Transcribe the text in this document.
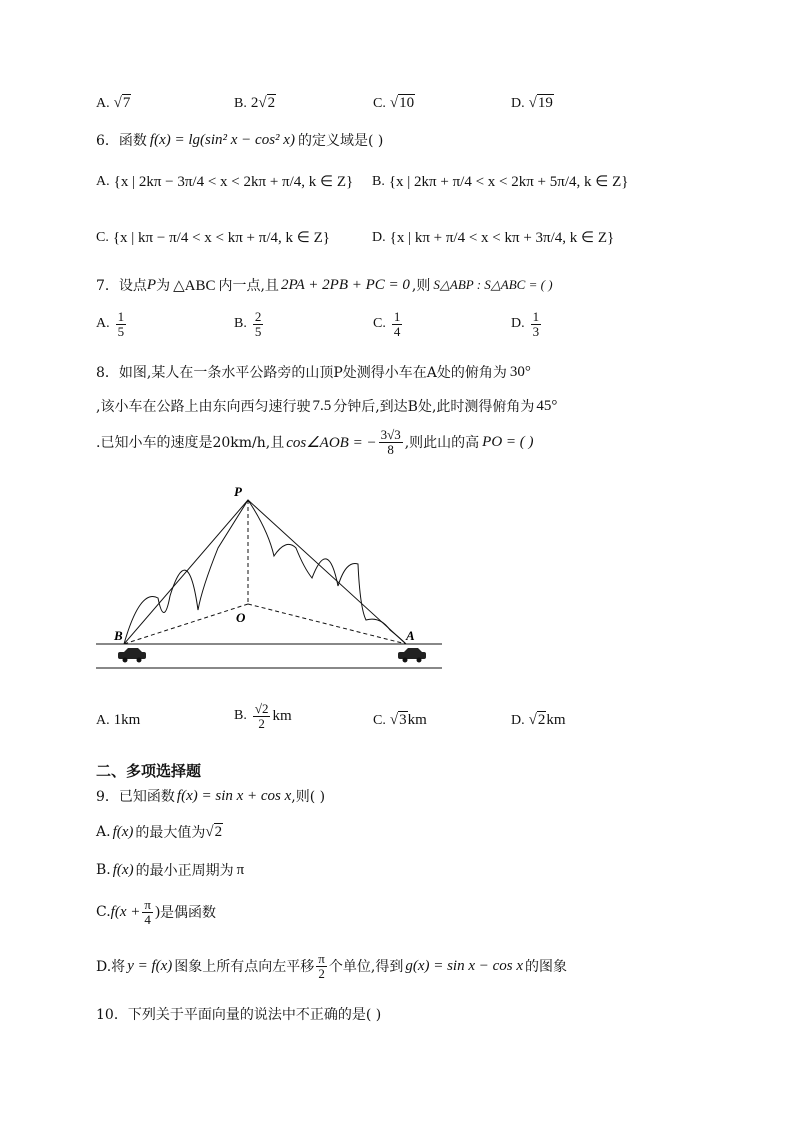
A. √7	B. 2 √2	C. √10	D. √19
6． 函数 f(x) = lg(sin² x − cos² x) 的定义域是( )
A. {x | 2kπ − 3π/4 < x < 2kπ + π/4, k ∈ Z} B. {x | 2kπ + π/4 < x < 2kπ + 5π/4, k ∈ Z}
C. {x | kπ − π/4 < x < kπ + π/4, k ∈ Z}	D. {x | kπ + π/4 < x < kπ + 3π/4, k ∈ Z}
7． 设点 P 为 △ABC 内一点,且 2PA + 2PB + PC = 0 ,则 S△ABP : S△ABC = ( )
A. $\frac{1}{5}$	B. $\frac{2}{5}$	C. $\frac{1}{4}$	D. $\frac{1}{3}$
8．如图,某人在一条水平公路旁的山顶P处测得小车在A处的俯角为 30°
,该小车在公路上由东向西匀速行驶 7.5 分钟后,到达B处,此时测得俯角为 45°
.已知小车的速度是20km/h,且 cos∠AOB = − $\frac{3√3}{8}$ ,则此山的高 PO = ( )
P
O
B	A
A. 1km	B. $\frac{√2}{2}$ km	C. √3 km	D. √2 km
二、多项选择题
9．已知函数 f(x) = sin x + cos x ,则( )
A. f(x) 的最大值为 √2
B. f(x) 的最小正周期为 π
C. $f(x + \frac{\pi}{4}$ ) 是偶函数
D.将 y = f(x) 图象上所有点向左平移 $\frac{\pi}{2}$ 个单位,得到 g(x) = sin x − cos x 的图象
10．下列关于平面向量的说法中不正确的是( )
